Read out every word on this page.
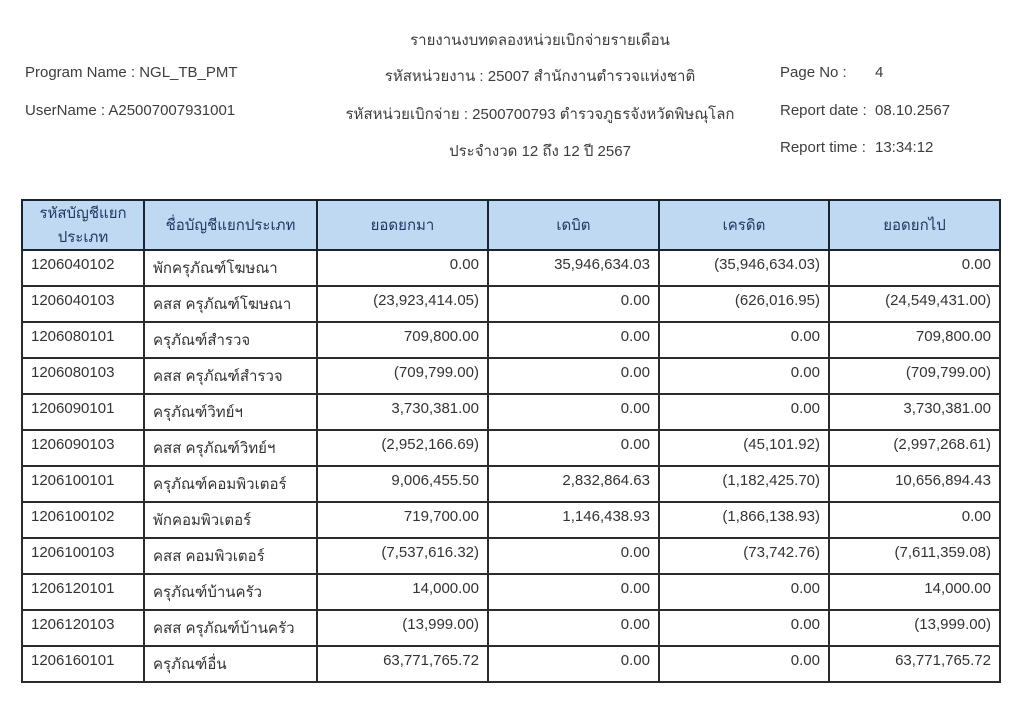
รายงานงบทดลองหน่วยเบิกจ่ายรายเดือน
Program Name : NGL_TB_PMT
UserName : A25007007931001
รหัสหน่วยงาน : 25007 สำนักงานตำรวจแห่งชาติ
รหัสหน่วยเบิกจ่าย : 2500700793 ตำรวจภูธรจังหวัดพิษณุโลก
ประจำงวด 12 ถึง 12 ปี 2567
Page No : 4
Report date : 08.10.2567
Report time : 13:34:12
รหัสบัญชีแยกประเภท	ชื่อบัญชีแยกประเภท	ยอดยกมา	เดบิต	เครดิต	ยอดยกไป
1206040102	พักครุภัณฑ์โฆษณา	0.00	35,946,634.03	(35,946,634.03)	0.00
1206040103	คสส ครุภัณฑ์โฆษณา	(23,923,414.05)	0.00	(626,016.95)	(24,549,431.00)
1206080101	ครุภัณฑ์สำรวจ	709,800.00	0.00	0.00	709,800.00
1206080103	คสส ครุภัณฑ์สำรวจ	(709,799.00)	0.00	0.00	(709,799.00)
1206090101	ครุภัณฑ์วิทย์ฯ	3,730,381.00	0.00	0.00	3,730,381.00
1206090103	คสส ครุภัณฑ์วิทย์ฯ	(2,952,166.69)	0.00	(45,101.92)	(2,997,268.61)
1206100101	ครุภัณฑ์คอมพิวเตอร์	9,006,455.50	2,832,864.63	(1,182,425.70)	10,656,894.43
1206100102	พักคอมพิวเตอร์	719,700.00	1,146,438.93	(1,866,138.93)	0.00
1206100103	คสส คอมพิวเตอร์	(7,537,616.32)	0.00	(73,742.76)	(7,611,359.08)
1206120101	ครุภัณฑ์บ้านครัว	14,000.00	0.00	0.00	14,000.00
1206120103	คสส ครุภัณฑ์บ้านครัว	(13,999.00)	0.00	0.00	(13,999.00)
1206160101	ครุภัณฑ์อื่น	63,771,765.72	0.00	0.00	63,771,765.72
